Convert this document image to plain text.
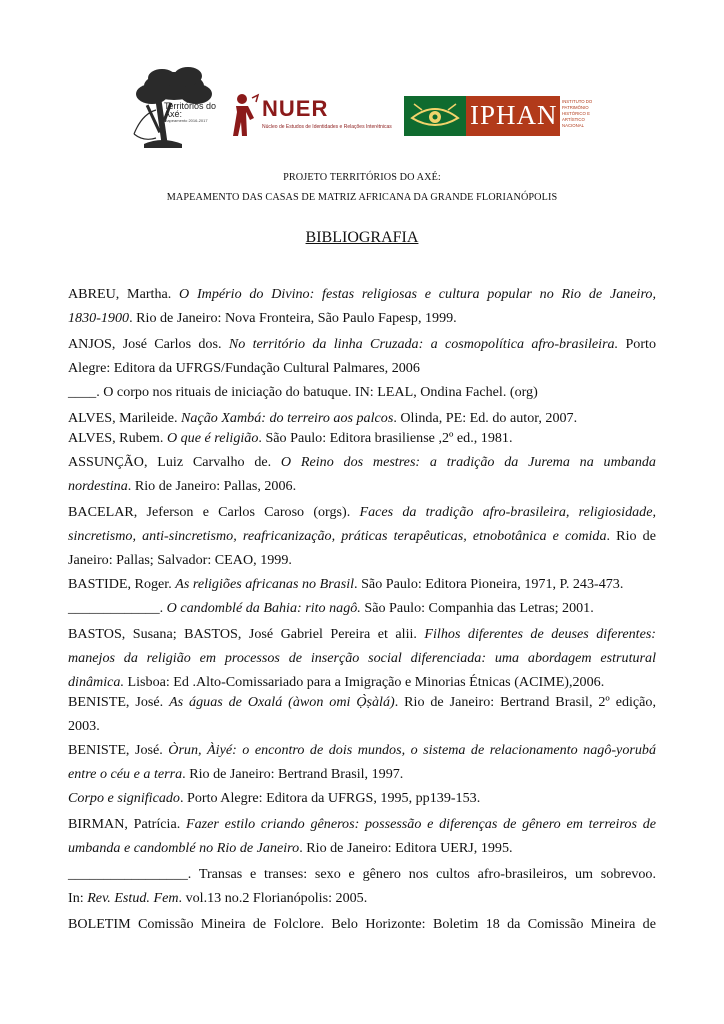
Territórios do Axé:
mapeamento 2016-2017	NUER
Núcleo de Estudos de Identidades e Relações Interétnicas	IPHAN INSTITUTO DO
PATRIMÔNIO
HISTÓRICO E
ARTÍSTICO
NACIONAL
PROJETO TERRITÓRIOS DO AXÉ:
MAPEAMENTO DAS CASAS DE MATRIZ AFRICANA DA GRANDE FLORIANÓPOLIS
BIBLIOGRAFIA
ABREU, Martha. O Império do Divino: festas religiosas e cultura popular no Rio de Janeiro,
1830-1900. Rio de Janeiro: Nova Fronteira, São Paulo Fapesp, 1999.
ANJOS, José Carlos dos. No território da linha Cruzada: a cosmopolítica afro-brasileira. Porto
Alegre: Editora da UFRGS/Fundação Cultural Palmares, 2006
____. O corpo nos rituais de iniciação do batuque. IN: LEAL, Ondina Fachel. (org)
ALVES, Marileide. Nação Xambá: do terreiro aos palcos. Olinda, PE: Ed. do autor, 2007.
ALVES, Rubem. O que é religião. São Paulo: Editora brasiliense ,2º ed., 1981.
ASSUNÇÃO, Luiz Carvalho de. O Reino dos mestres: a tradição da Jurema na umbanda
nordestina. Rio de Janeiro: Pallas, 2006.
BACELAR, Jeferson e Carlos Caroso (orgs). Faces da tradição afro-brasileira, religiosidade,
sincretismo, anti-sincretismo, reafricanização, práticas terapêuticas, etnobotânica e comida. Rio de
Janeiro: Pallas; Salvador: CEAO, 1999.
BASTIDE, Roger. As religiões africanas no Brasil. São Paulo: Editora Pioneira, 1971, P. 243-473.
_____________. O candomblé da Bahia: rito nagô. São Paulo: Companhia das Letras; 2001.
BASTOS, Susana; BASTOS, José Gabriel Pereira et alii. Filhos diferentes de deuses diferentes:
manejos da religião em processos de inserção social diferenciada: uma abordagem estrutural
dinâmica. Lisboa: Ed .Alto-Comissariado para a Imigração e Minorias Étnicas (ACIME),2006.
BENISTE, José. As águas de Oxalá (àwon omi Ọ̀ṣàlá). Rio de Janeiro: Bertrand Brasil, 2º edição,
2003.
BENISTE, José. Òrun, Àiyé: o encontro de dois mundos, o sistema de relacionamento nagô-yorubá
entre o céu e a terra. Rio de Janeiro: Bertrand Brasil, 1997.
Corpo e significado. Porto Alegre: Editora da UFRGS, 1995, pp139-153.
BIRMAN, Patrícia. Fazer estilo criando gêneros: possessão e diferenças de gênero em terreiros de
umbanda e candomblé no Rio de Janeiro. Rio de Janeiro: Editora UERJ, 1995.
_________________. Transas e transes: sexo e gênero nos cultos afro-brasileiros, um sobrevoo.
In: Rev. Estud. Fem. vol.13 no.2 Florianópolis: 2005.
BOLETIM Comissão Mineira de Folclore. Belo Horizonte: Boletim 18 da Comissão Mineira de
